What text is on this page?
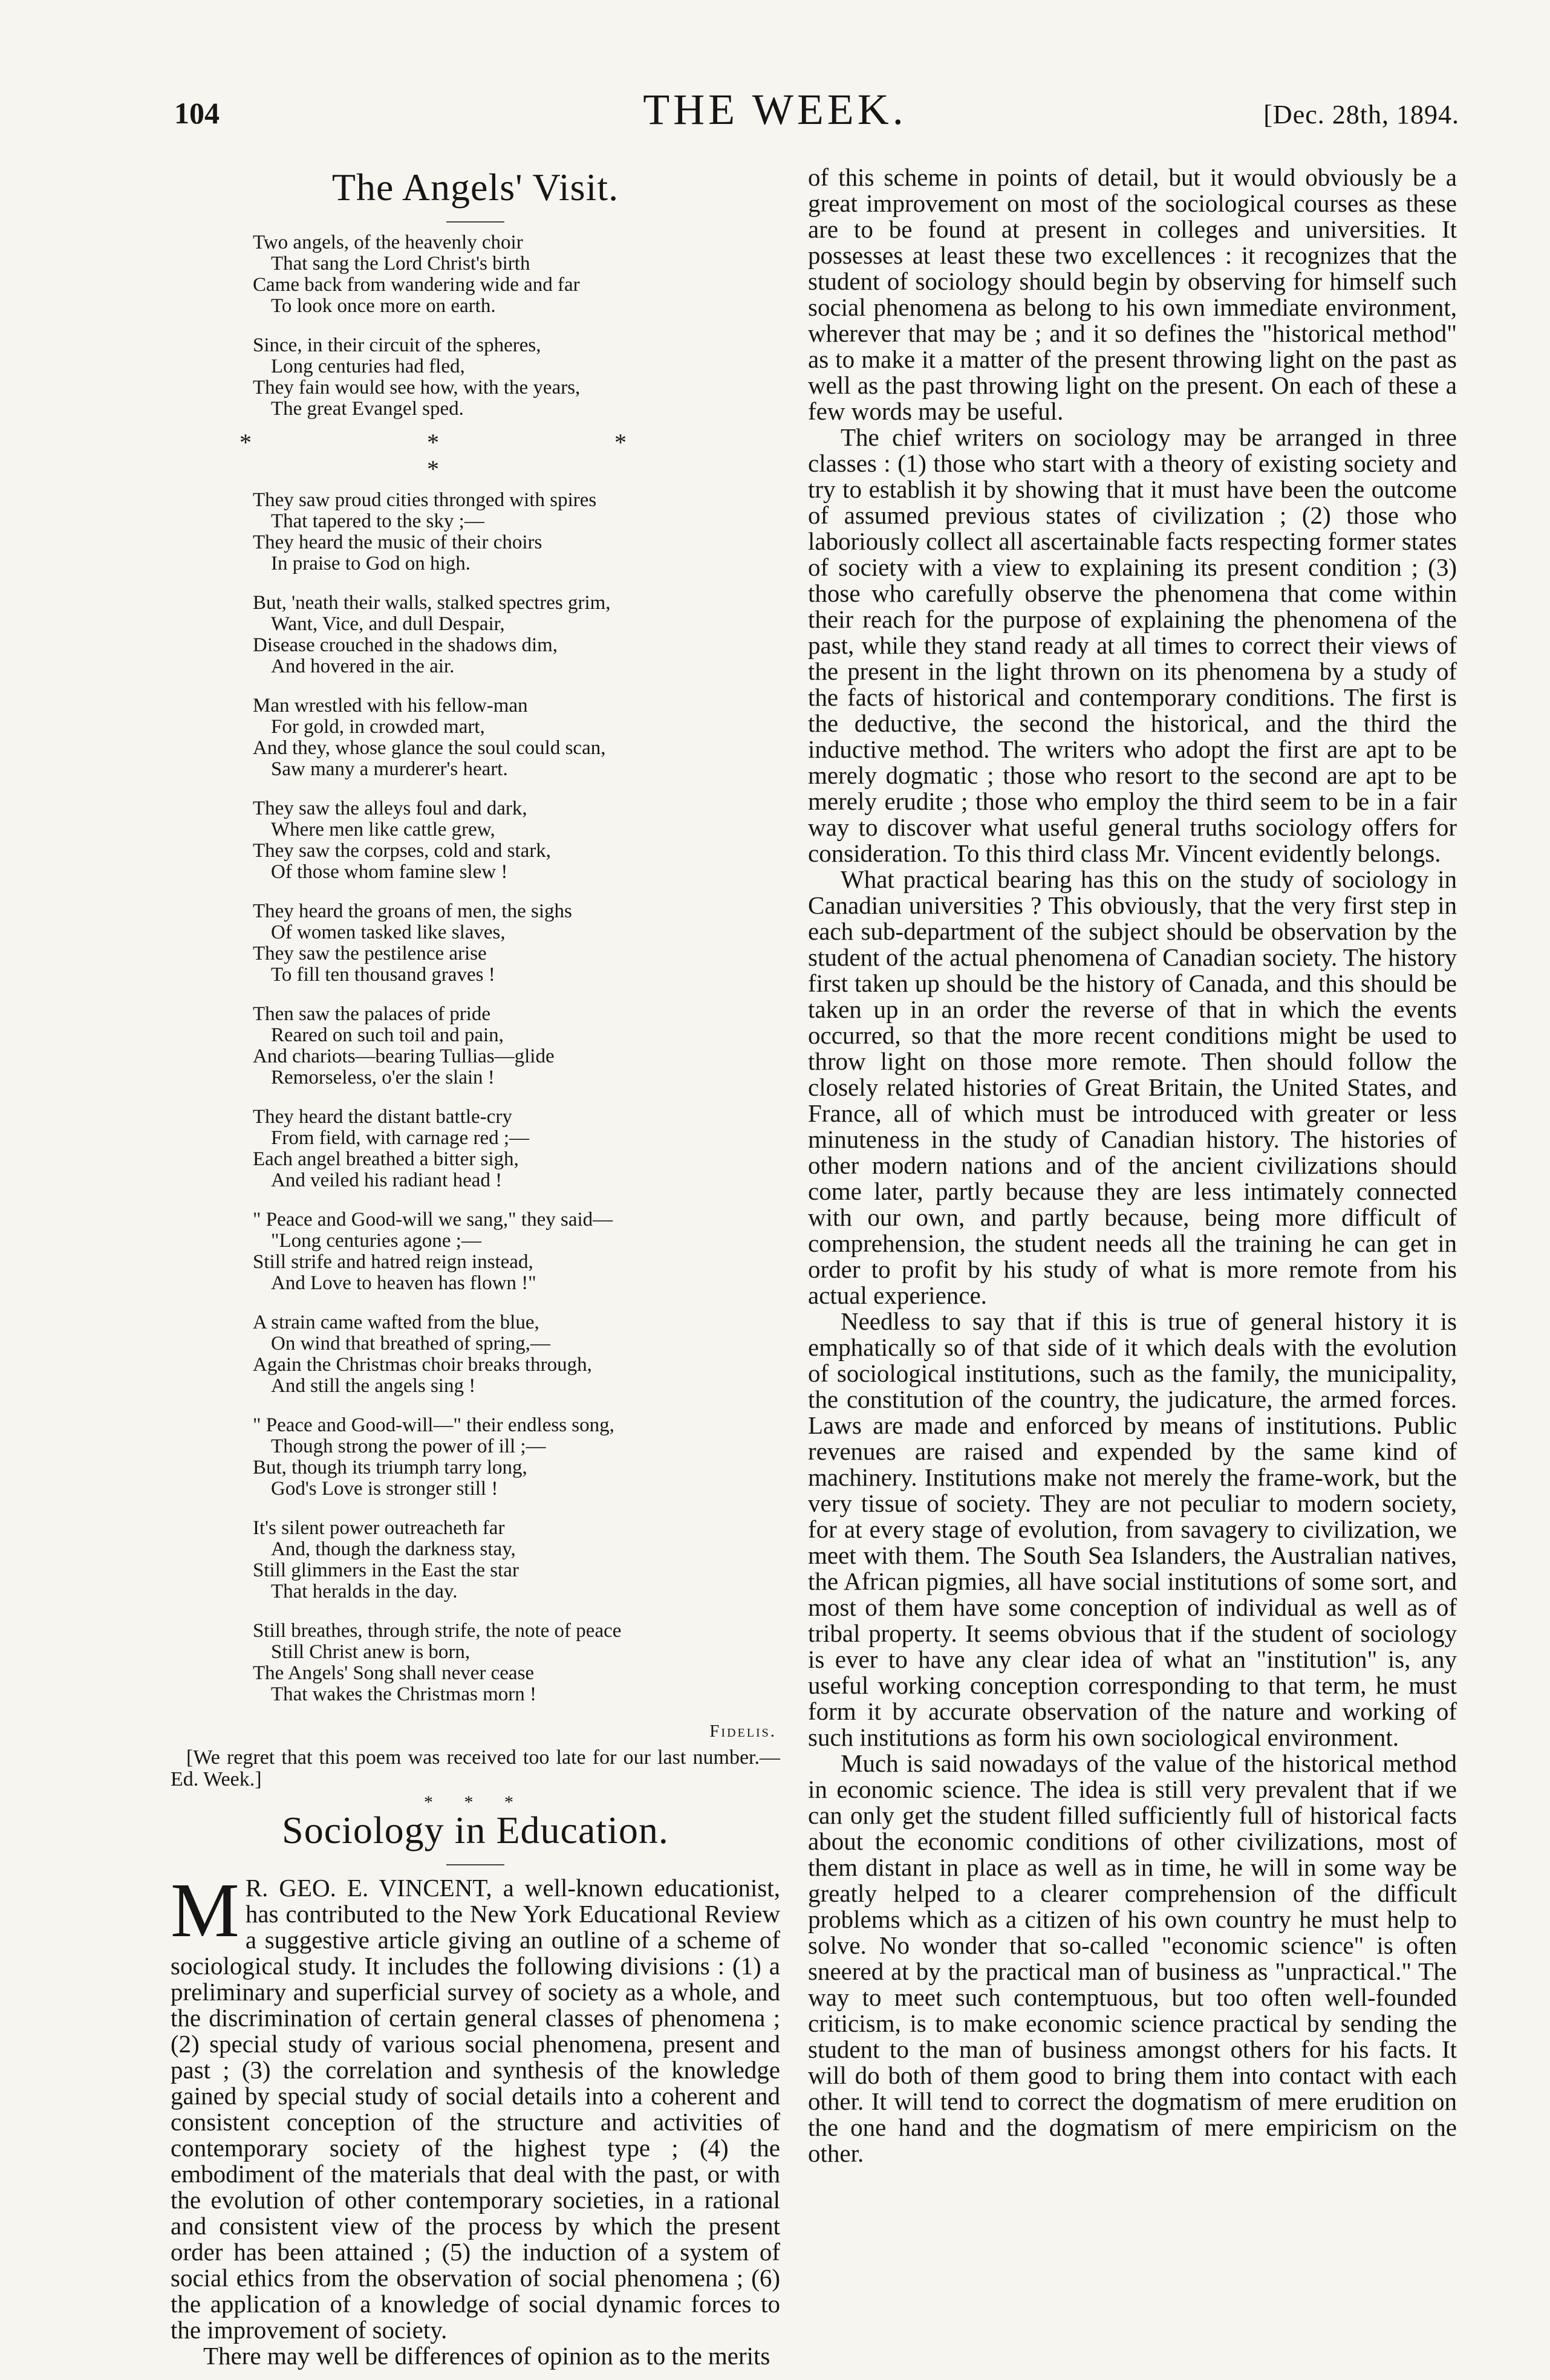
104	THE WEEK.	[Dec. 28th, 1894.
The Angels' Visit.
Two angels, of the heavenly choir
That sang the Lord Christ's birth
Came back from wandering wide and far
To look once more on earth.
Since, in their circuit of the spheres,
Long centuries had fled,
They fain would see how, with the years,
The great Evangel sped.
* * * *
They saw proud cities thronged with spires
That tapered to the sky ;—
They heard the music of their choirs
In praise to God on high.
But, 'neath their walls, stalked spectres grim,
Want, Vice, and dull Despair,
Disease crouched in the shadows dim,
And hovered in the air.
Man wrestled with his fellow-man
For gold, in crowded mart,
And they, whose glance the soul could scan,
Saw many a murderer's heart.
They saw the alleys foul and dark,
Where men like cattle grew,
They saw the corpses, cold and stark,
Of those whom famine slew !
They heard the groans of men, the sighs
Of women tasked like slaves,
They saw the pestilence arise
To fill ten thousand graves !
Then saw the palaces of pride
Reared on such toil and pain,
And chariots—bearing Tullias—glide
Remorseless, o'er the slain !
They heard the distant battle-cry
From field, with carnage red ;—
Each angel breathed a bitter sigh,
And veiled his radiant head !
" Peace and Good-will we sang," they said—
"Long centuries agone ;—
Still strife and hatred reign instead,
And Love to heaven has flown !"
A strain came wafted from the blue,
On wind that breathed of spring,—
Again the Christmas choir breaks through,
And still the angels sing !
" Peace and Good-will—" their endless song,
Though strong the power of ill ;—
But, though its triumph tarry long,
God's Love is stronger still !
It's silent power outreacheth far
And, though the darkness stay,
Still glimmers in the East the star
That heralds in the day.
Still breathes, through strife, the note of peace
Still Christ anew is born,
The Angels' Song shall never cease
That wakes the Christmas morn !
Fidelis.

[We regret that this poem was received too late for our last number.—Ed. Week.]

* * *
Sociology in Education.

M R. GEO. E. VINCENT, a well-known educationist, has contributed to the New York Educational Review a suggestive article giving an outline of a scheme of sociological study. It includes the following divisions : (1) a preliminary and superficial survey of society as a whole, and the discrimination of certain general classes of phenomena ; (2) special study of various social phenomena, present and past ; (3) the correlation and synthesis of the knowledge gained by special study of social details into a coherent and consistent conception of the structure and activities of contemporary society of the highest type ; (4) the embodiment of the materials that deal with the past, or with the evolution of other contemporary societies, in a rational and consistent view of the process by which the present order has been attained ; (5) the induction of a system of social ethics from the observation of social phenomena ; (6) the application of a knowledge of social dynamic forces to the improvement of society.

There may well be differences of opinion as to the merits

of this scheme in points of detail, but it would obviously be a great improvement on most of the sociological courses as these are to be found at present in colleges and universities. It possesses at least these two excellences : it recognizes that the student of sociology should begin by observing for himself such social phenomena as belong to his own immediate environment, wherever that may be ; and it so defines the "historical method" as to make it a matter of the present throwing light on the past as well as the past throwing light on the present. On each of these a few words may be useful.

The chief writers on sociology may be arranged in three classes : (1) those who start with a theory of existing society and try to establish it by showing that it must have been the outcome of assumed previous states of civilization ; (2) those who laboriously collect all ascertainable facts respecting former states of society with a view to explaining its present condition ; (3) those who carefully observe the phenomena that come within their reach for the purpose of explaining the phenomena of the past, while they stand ready at all times to correct their views of the present in the light thrown on its phenomena by a study of the facts of historical and contemporary conditions. The first is the deductive, the second the historical, and the third the inductive method. The writers who adopt the first are apt to be merely dogmatic ; those who resort to the second are apt to be merely erudite ; those who employ the third seem to be in a fair way to discover what useful general truths sociology offers for consideration. To this third class Mr. Vincent evidently belongs.

What practical bearing has this on the study of sociology in Canadian universities ? This obviously, that the very first step in each sub-department of the subject should be observation by the student of the actual phenomena of Canadian society. The history first taken up should be the history of Canada, and this should be taken up in an order the reverse of that in which the events occurred, so that the more recent conditions might be used to throw light on those more remote. Then should follow the closely related histories of Great Britain, the United States, and France, all of which must be introduced with greater or less minuteness in the study of Canadian history. The histories of other modern nations and of the ancient civilizations should come later, partly because they are less intimately connected with our own, and partly because, being more difficult of comprehension, the student needs all the training he can get in order to profit by his study of what is more remote from his actual experience.

Needless to say that if this is true of general history it is emphatically so of that side of it which deals with the evolution of sociological institutions, such as the family, the municipality, the constitution of the country, the judicature, the armed forces. Laws are made and enforced by means of institutions. Public revenues are raised and expended by the same kind of machinery. Institutions make not merely the frame-work, but the very tissue of society. They are not peculiar to modern society, for at every stage of evolution, from savagery to civilization, we meet with them. The South Sea Islanders, the Australian natives, the African pigmies, all have social institutions of some sort, and most of them have some conception of individual as well as of tribal property. It seems obvious that if the student of sociology is ever to have any clear idea of what an "institution" is, any useful working conception corresponding to that term, he must form it by accurate observation of the nature and working of such institutions as form his own sociological environment.

Much is said nowadays of the value of the historical method in economic science. The idea is still very prevalent that if we can only get the student filled sufficiently full of historical facts about the economic conditions of other civilizations, most of them distant in place as well as in time, he will in some way be greatly helped to a clearer comprehension of the difficult problems which as a citizen of his own country he must help to solve. No wonder that so-called "economic science" is often sneered at by the practical man of business as "unpractical." The way to meet such contemptuous, but too often well-founded criticism, is to make economic science practical by sending the student to the man of business amongst others for his facts. It will do both of them good to bring them into contact with each other. It will tend to correct the dogmatism of mere erudition on the one hand and the dogmatism of mere empiricism on the other.
